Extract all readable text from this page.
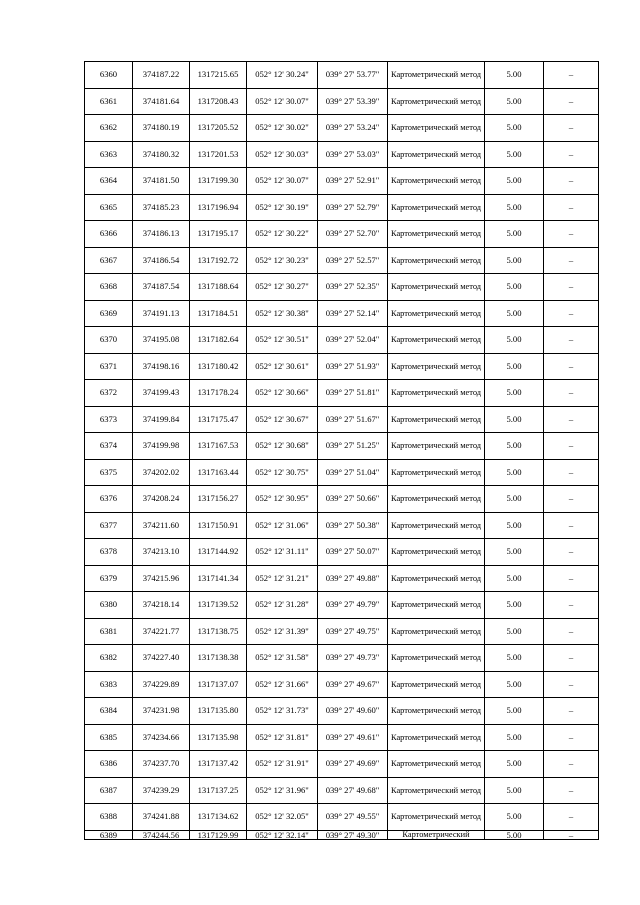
6360	374187.22	1317215.65	052° 12' 30.24"	039° 27' 53.77"	Картометрический метод	5.00	–
6361	374181.64	1317208.43	052° 12' 30.07"	039° 27' 53.39"	Картометрический метод	5.00	–
6362	374180.19	1317205.52	052° 12' 30.02"	039° 27' 53.24"	Картометрический метод	5.00	–
6363	374180.32	1317201.53	052° 12' 30.03"	039° 27' 53.03"	Картометрический метод	5.00	–
6364	374181.50	1317199.30	052° 12' 30.07"	039° 27' 52.91"	Картометрический метод	5.00	–
6365	374185.23	1317196.94	052° 12' 30.19"	039° 27' 52.79"	Картометрический метод	5.00	–
6366	374186.13	1317195.17	052° 12' 30.22"	039° 27' 52.70"	Картометрический метод	5.00	–
6367	374186.54	1317192.72	052° 12' 30.23"	039° 27' 52.57"	Картометрический метод	5.00	–
6368	374187.54	1317188.64	052° 12' 30.27"	039° 27' 52.35"	Картометрический метод	5.00	–
6369	374191.13	1317184.51	052° 12' 30.38"	039° 27' 52.14"	Картометрический метод	5.00	–
6370	374195.08	1317182.64	052° 12' 30.51"	039° 27' 52.04"	Картометрический метод	5.00	–
6371	374198.16	1317180.42	052° 12' 30.61"	039° 27' 51.93"	Картометрический метод	5.00	–
6372	374199.43	1317178.24	052° 12' 30.66"	039° 27' 51.81"	Картометрический метод	5.00	–
6373	374199.84	1317175.47	052° 12' 30.67"	039° 27' 51.67"	Картометрический метод	5.00	–
6374	374199.98	1317167.53	052° 12' 30.68"	039° 27' 51.25"	Картометрический метод	5.00	–
6375	374202.02	1317163.44	052° 12' 30.75"	039° 27' 51.04"	Картометрический метод	5.00	–
6376	374208.24	1317156.27	052° 12' 30.95"	039° 27' 50.66"	Картометрический метод	5.00	–
6377	374211.60	1317150.91	052° 12' 31.06"	039° 27' 50.38"	Картометрический метод	5.00	–
6378	374213.10	1317144.92	052° 12' 31.11"	039° 27' 50.07"	Картометрический метод	5.00	–
6379	374215.96	1317141.34	052° 12' 31.21"	039° 27' 49.88"	Картометрический метод	5.00	–
6380	374218.14	1317139.52	052° 12' 31.28"	039° 27' 49.79"	Картометрический метод	5.00	–
6381	374221.77	1317138.75	052° 12' 31.39"	039° 27' 49.75"	Картометрический метод	5.00	–
6382	374227.40	1317138.38	052° 12' 31.58"	039° 27' 49.73"	Картометрический метод	5.00	–
6383	374229.89	1317137.07	052° 12' 31.66"	039° 27' 49.67"	Картометрический метод	5.00	–
6384	374231.98	1317135.80	052° 12' 31.73"	039° 27' 49.60"	Картометрический метод	5.00	–
6385	374234.66	1317135.98	052° 12' 31.81"	039° 27' 49.61"	Картометрический метод	5.00	–
6386	374237.70	1317137.42	052° 12' 31.91"	039° 27' 49.69"	Картометрический метод	5.00	–
6387	374239.29	1317137.25	052° 12' 31.96"	039° 27' 49.68"	Картометрический метод	5.00	–
6388	374241.88	1317134.62	052° 12' 32.05"	039° 27' 49.55"	Картометрический метод	5.00	–
6389	374244.56	1317129.99	052° 12' 32.14"	039° 27' 49.30"	Картометрический	5.00	–
